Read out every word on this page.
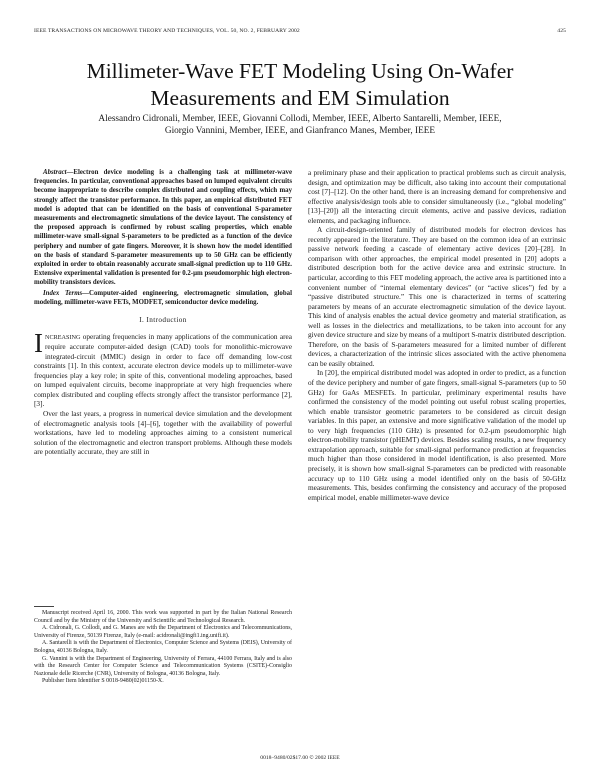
IEEE TRANSACTIONS ON MICROWAVE THEORY AND TECHNIQUES, VOL. 50, NO. 2, FEBRUARY 2002	425
Millimeter-Wave FET Modeling Using On-Wafer
Measurements and EM Simulation
Alessandro Cidronali, Member, IEEE, Giovanni Collodi, Member, IEEE, Alberto Santarelli, Member, IEEE,
Giorgio Vannini, Member, IEEE, and Gianfranco Manes, Member, IEEE

Abstract—Electron device modeling is a challenging task at millimeter-wave frequencies. In particular, conventional approaches based on lumped equivalent circuits become inappropriate to describe complex distributed and coupling effects, which may strongly affect the transistor performance. In this paper, an empirical distributed FET model is adopted that can be identified on the basis of conventional S-parameter measurements and electromagnetic simulations of the device layout. The consistency of the proposed approach is confirmed by robust scaling properties, which enable millimeter-wave small-signal S-parameters to be predicted as a function of the device periphery and number of gate fingers. Moreover, it is shown how the model identified on the basis of standard S-parameter measurements up to 50 GHz can be efficiently exploited in order to obtain reasonably accurate small-signal prediction up to 110 GHz. Extensive experimental validation is presented for 0.2-μm pseudomorphic high electron-mobility transistors devices.

Index Terms—Computer-aided engineering, electromagnetic simulation, global modeling, millimeter-wave FETs, MODFET, semiconductor device modeling.

I. Introduction

INCREASING operating frequencies in many applications of the communication area require accurate computer-aided design (CAD) tools for monolithic-microwave integrated-circuit (MMIC) design in order to face off demanding low-cost constraints [1]. In this context, accurate electron device models up to millimeter-wave frequencies play a key role; in spite of this, conventional modeling approaches, based on lumped equivalent circuits, become inappropriate at very high frequencies where complex distributed and coupling effects strongly affect the transistor performance [2], [3].

Over the last years, a progress in numerical device simulation and the development of electromagnetic analysis tools [4]–[6], together with the availability of powerful workstations, have led to modeling approaches aiming to a consistent numerical solution of the electromagnetic and electron transport problems. Although these models are potentially accurate, they are still in

Manuscript received April 16, 2000. This work was supported in part by the Italian National Research Council and by the Ministry of the University and Scientific and Technological Research.

A. Cidronali, G. Collodi, and G. Manes are with the Department of Electronics and Telecommunications, University of Firenze, 50139 Firenze, Italy (e-mail: acidronali@ingfi1.ing.unifi.it).

A. Santarelli is with the Department of Electronics, Computer Science and Systems (DEIS), University of Bologna, 40136 Bologna, Italy.

G. Vannini is with the Department of Engineering, University of Ferrara, 44100 Ferrara, Italy and is also with the Research Center for Computer Science and Telecommunication Systems (CSITE)-Consiglio Nazionale delle Ricerche (CNR), University of Bologna, 40136 Bologna, Italy.

Publisher Item Identifier S 0018-9480(02)01150-X.

a preliminary phase and their application to practical problems such as circuit analysis, design, and optimization may be difficult, also taking into account their computational cost [7]–[12]. On the other hand, there is an increasing demand for comprehensive and effective analysis/design tools able to consider simultaneously (i.e., “global modeling” [13]–[20]) all the interacting circuit elements, active and passive devices, radiation elements, and packaging influence.

A circuit-design-oriented family of distributed models for electron devices has recently appeared in the literature. They are based on the common idea of an extrinsic passive network feeding a cascade of elementary active devices [20]–[28]. In comparison with other approaches, the empirical model presented in [20] adopts a distributed description both for the active device area and extrinsic structure. In particular, according to this FET modeling approach, the active area is partitioned into a convenient number of “internal elementary devices” (or “active slices”) fed by a “passive distributed structure.” This one is characterized in terms of scattering parameters by means of an accurate electromagnetic simulation of the device layout. This kind of analysis enables the actual device geometry and material stratification, as well as losses in the dielectrics and metallizations, to be taken into account for any given device structure and size by means of a multiport S-matrix distributed description. Therefore, on the basis of S-parameters measured for a limited number of different devices, a characterization of the intrinsic slices associated with the active phenomena can be easily obtained.

In [20], the empirical distributed model was adopted in order to predict, as a function of the device periphery and number of gate fingers, small-signal S-parameters (up to 50 GHz) for GaAs MESFETs. In particular, preliminary experimental results have confirmed the consistency of the model pointing out useful robust scaling properties, which enable transistor geometric parameters to be considered as circuit design variables. In this paper, an extensive and more significative validation of the model up to very high frequencies (110 GHz) is presented for 0.2-μm pseudomorphic high electron-mobility transistor (pHEMT) devices. Besides scaling results, a new frequency extrapolation approach, suitable for small-signal performance prediction at frequencies much higher than those considered in model identification, is also presented. More precisely, it is shown how small-signal S-parameters can be predicted with reasonable accuracy up to 110 GHz using a model identified only on the basis of 50-GHz measurements. This, besides confirming the consistency and accuracy of the proposed empirical model, enable millimeter-wave device

0018–9480/02$17.00 © 2002 IEEE
